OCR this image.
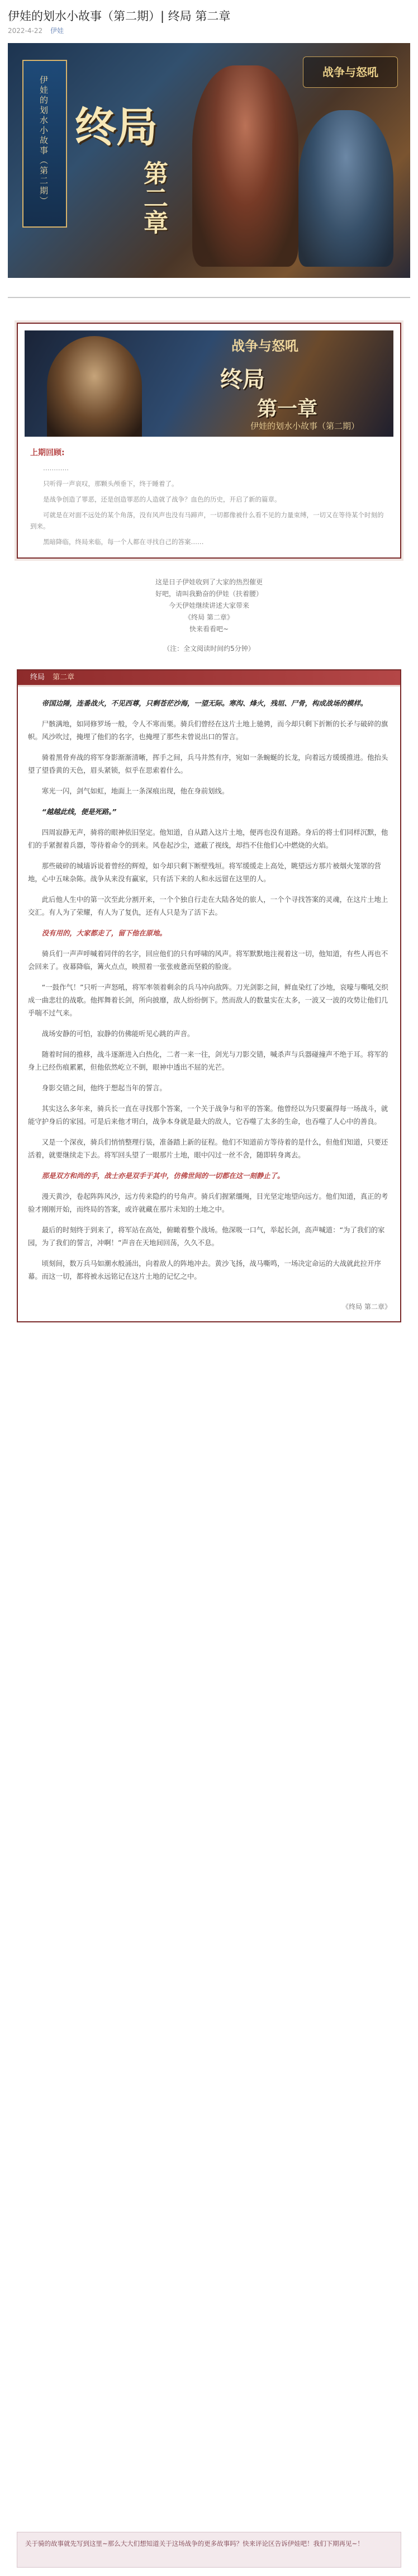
伊娃的划水小故事（第二期）| 终局 第二章
2022-4-22 伊娃
伊娃的划水小故事（第二期） 终局
第二章
战争与怒吼
战争与怒吼
终局
第一章
伊娃的划水小故事（第二期）
上期回顾:

…………

只听得一声哀叹，那颗头颅垂下，终于睡着了。

是战争创造了罪恶，还是创造罪恶的人造就了战争？血色的历史，开启了新的篇章。

可就是在对面不远处的某个角落，没有风声也没有马蹄声，一切都像被什么看不见的力量束缚，一切又在等待某个时刻的到来。

黑暗降临，终局来临，每一个人都在寻找自己的答案……

这是日子伊娃收到了大家的热烈催更

好吧，请叫我勤奋的伊娃（扶着腰）

今天伊娃继续讲述大家带来

《终局 第二章》

快来看看吧~

（注：全文阅读时间约5分钟）

终局 第二章

帝国边陲，连番战火，不见西尊，只剩苍茫沙海，一望无际。寒沟、烽火，残垣、尸骨，构成战场的模样。

尸骸满地，如同修罗场一般，令人不寒而栗。骑兵们曾经在这片土地上驰骋，而今却只剩下折断的长矛与破碎的旗帜。风沙吹过，掩埋了他们的名字，也掩埋了那些未曾说出口的誓言。

骑着黑骨弃战的将军身影渐渐清晰，挥手之间，兵马井然有序，宛如一条蜿蜒的长龙，向着远方缓缓推进。他抬头望了望昏黄的天色，眉头紧锁，似乎在思索着什么。

寒光一闪，剑气如虹，地面上一条深痕出现，他在身前划线。

“越越此线，便是死路。”

四周寂静无声，骑将的眼神依旧坚定。他知道，自从踏入这片土地，便再也没有退路。身后的将士们同样沉默，他们的手紧握着兵器，等待着命令的到来。风卷起沙尘，遮蔽了视线，却挡不住他们心中燃烧的火焰。

那些破碎的城墙诉说着曾经的辉煌，如今却只剩下断壁残垣。将军缓缓走上高处，眺望远方那片被烟火笼罩的营地，心中五味杂陈。战争从来没有赢家，只有活下来的人和永远留在这里的人。

此后他人生中的第一次至此分割开来，一个个独自行走在大陆各处的旅人，一个个寻找答案的灵魂，在这片土地上交汇。有人为了荣耀，有人为了复仇，还有人只是为了活下去。

没有用的，大家都走了，留下他在原地。

骑兵们一声声呼喊着同伴的名字，回应他们的只有呼啸的风声。将军默默地注视着这一切，他知道，有些人再也不会回来了。夜幕降临，篝火点点，映照着一张张疲惫而坚毅的脸庞。

“一鼓作气！”只听一声怒吼，将军率领着剩余的兵马冲向敌阵。刀光剑影之间，鲜血染红了沙地，哀嚎与嘶吼交织成一曲悲壮的战歌。他挥舞着长剑，所向披靡，敌人纷纷倒下。然而敌人的数量实在太多，一波又一波的攻势让他们几乎喘不过气来。

战场安静的可怕，寂静的仿佛能听见心跳的声音。

随着时间的推移，战斗逐渐进入白热化，二者一来一往，剑光与刀影交错，喊杀声与兵器碰撞声不绝于耳。将军的身上已经伤痕累累，但他依然屹立不倒，眼神中透出不屈的光芒。

身影交错之间，他终于想起当年的誓言。

其实这么多年来，骑兵长一直在寻找那个答案，一个关于战争与和平的答案。他曾经以为只要赢得每一场战斗，就能守护身后的家园。可是后来他才明白，战争本身就是最大的敌人，它吞噬了太多的生命，也吞噬了人心中的善良。

又是一个深夜，骑兵们悄悄整理行装，准备踏上新的征程。他们不知道前方等待着的是什么，但他们知道，只要还活着，就要继续走下去。将军回头望了一眼那片土地，眼中闪过一丝不舍，随即转身离去。

那是双方和尚的手，战士亦是双手于其中，仿佛世间的一切都在这一刻静止了。

漫天黄沙，卷起阵阵风沙，远方传来隐约的号角声。骑兵们握紧缰绳，目光坚定地望向远方。他们知道，真正的考验才刚刚开始，而终局的答案，或许就藏在那片未知的土地之中。

最后的时刻终于到来了，将军站在高处，俯瞰着整个战场。他深吸一口气，举起长剑，高声喊道：“为了我们的家园，为了我们的誓言，冲啊！”声音在天地间回荡，久久不息。

顷刻间，数万兵马如潮水般涌出，向着敌人的阵地冲去。黄沙飞扬，战马嘶鸣，一场决定命运的大战就此拉开序幕。而这一切，都将被永远铭记在这片土地的记忆之中。

《终局 第二章》

关于骑的故事就先写到这里~那么大大们想知道关于这场战争的更多故事吗？快来评论区告诉伊娃吧！我们下期再见~！
